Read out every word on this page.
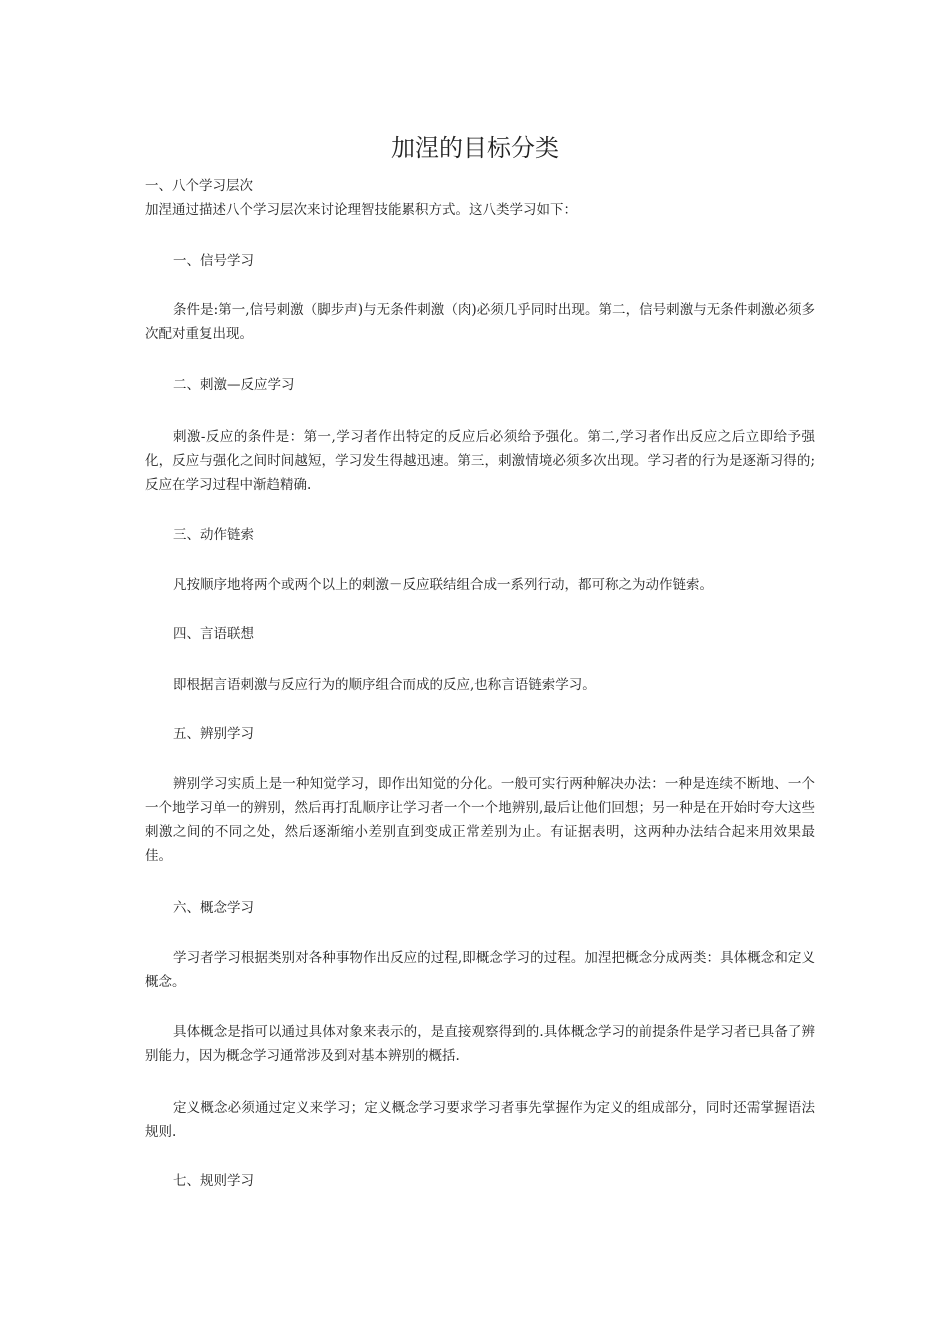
加涅的目标分类
一、八个学习层次
加涅通过描述八个学习层次来讨论理智技能累积方式。这八类学习如下：
一、信号学习
条件是:第一,信号刺激（脚步声)与无条件刺激（肉)必须几乎同时出现。第二，信号刺激与无条件刺激必须多次配对重复出现。
二、刺激—反应学习
刺激-反应的条件是：第一,学习者作出特定的反应后必须给予强化。第二,学习者作出反应之后立即给予强化，反应与强化之间时间越短，学习发生得越迅速。第三，刺激情境必须多次出现。学习者的行为是逐渐习得的;反应在学习过程中渐趋精确.
三、动作链索
凡按顺序地将两个或两个以上的刺激－反应联结组合成一系列行动，都可称之为动作链索。
四、言语联想
即根据言语刺激与反应行为的顺序组合而成的反应,也称言语链索学习。
五、辨别学习
辨别学习实质上是一种知觉学习，即作出知觉的分化。一般可实行两种解决办法：一种是连续不断地、一个一个地学习单一的辨别，然后再打乱顺序让学习者一个一个地辨别,最后让他们回想；另一种是在开始时夸大这些刺激之间的不同之处，然后逐渐缩小差别直到变成正常差别为止。有证据表明，这两种办法结合起来用效果最佳。
六、概念学习
学习者学习根据类别对各种事物作出反应的过程,即概念学习的过程。加涅把概念分成两类：具体概念和定义概念。
具体概念是指可以通过具体对象来表示的，是直接观察得到的.具体概念学习的前提条件是学习者已具备了辨别能力，因为概念学习通常涉及到对基本辨别的概括.
定义概念必须通过定义来学习；定义概念学习要求学习者事先掌握作为定义的组成部分，同时还需掌握语法规则.
七、规则学习
